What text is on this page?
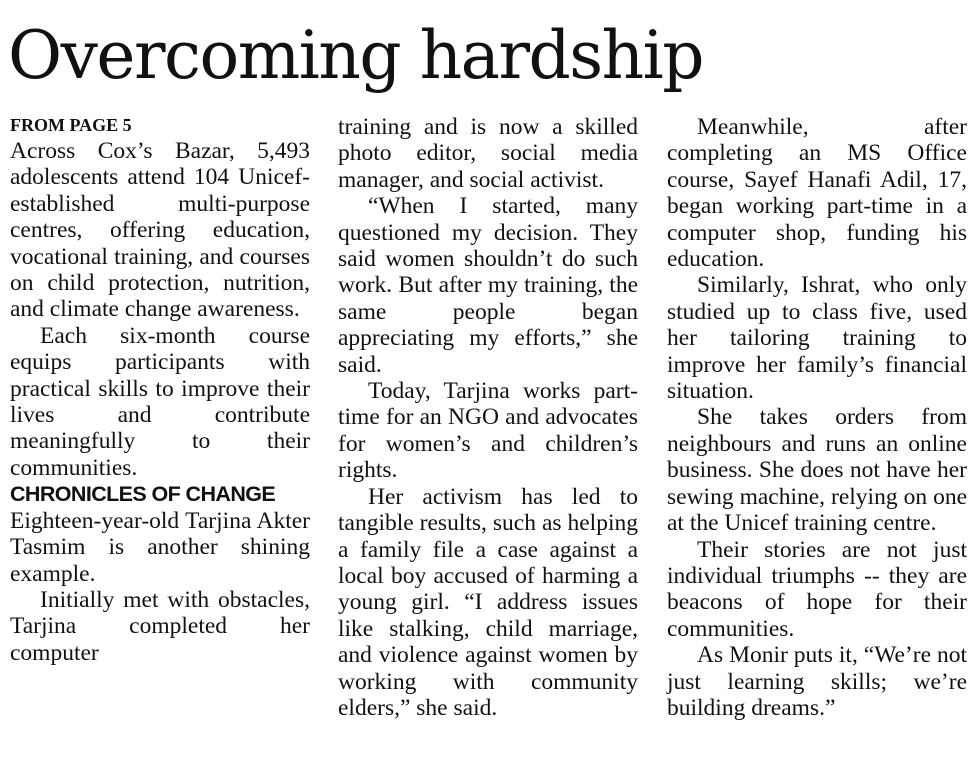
Overcoming hardship
FROM PAGE 5

Across Cox’s Bazar, 5,493 adolescents attend 104 Unicef-established multi-purpose centres, offering education, vocational training, and courses on child protection, nutrition, and climate change awareness.

Each six-month course equips participants with practical skills to improve their lives and contribute meaningfully to their communities.

CHRONICLES OF CHANGE

Eighteen-year-old Tarjina Akter Tasmim is another shining example.

Initially met with obstacles, Tarjina completed her computer

training and is now a skilled photo editor, social media manager, and social activist.

“When I started, many questioned my decision. They said women shouldn’t do such work. But after my training, the same people began appreciating my efforts,” she said.

Today, Tarjina works part-time for an NGO and advocates for women’s and children’s rights.

Her activism has led to tangible results, such as helping a family file a case against a local boy accused of harming a young girl. “I address issues like stalking, child marriage, and violence against women by working with community elders,” she said.

Meanwhile, after completing an MS Office course, Sayef Hanafi Adil, 17, began working part-time in a computer shop, funding his education.

Similarly, Ishrat, who only studied up to class five, used her tailoring training to improve her family’s financial situation.

She takes orders from neighbours and runs an online business. She does not have her sewing machine, relying on one at the Unicef training centre.

Their stories are not just individual triumphs -- they are beacons of hope for their communities.

As Monir puts it, “We’re not just learning skills; we’re building dreams.”
